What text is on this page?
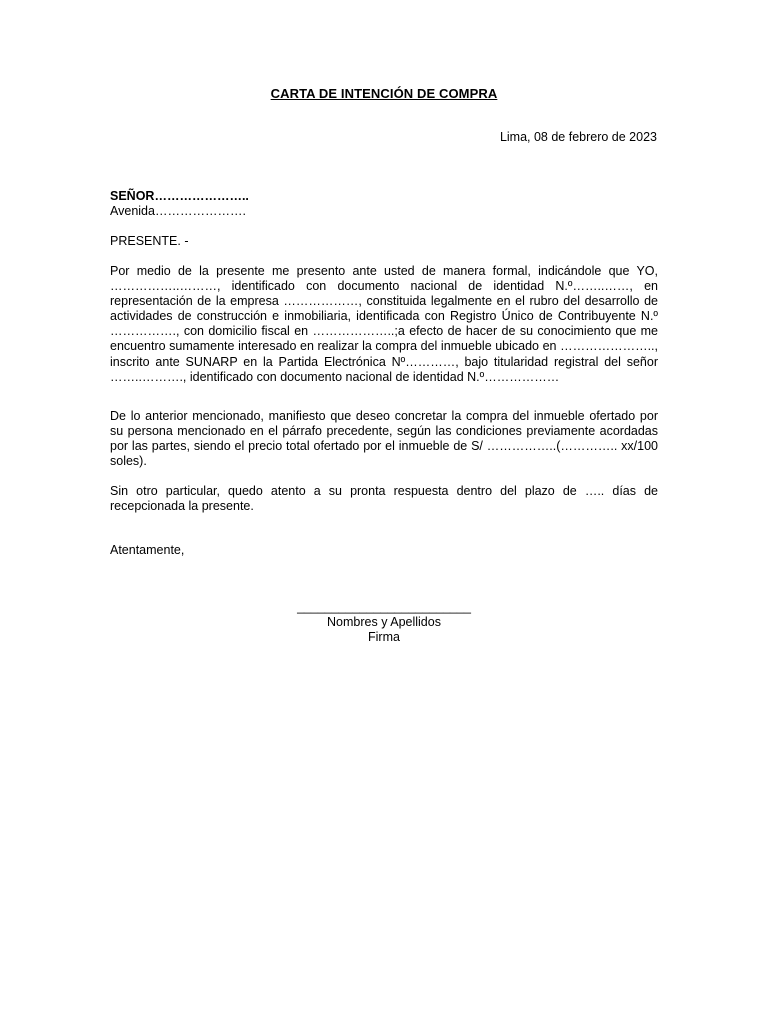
CARTA DE INTENCIÓN DE COMPRA
Lima, 08 de febrero de 2023
SEÑOR…………………..
Avenida………………….
PRESENTE. -
Por medio de la presente me presento ante usted de manera formal, indicándole que YO, ……………..………, identificado con documento nacional de identidad N.º……..……, en representación de la empresa ………………, constituida legalmente en el rubro del desarrollo de actividades de construcción e inmobiliaria, identificada con Registro Único de Contribuyente N.º ……………., con domicilio fiscal en ………………..;a efecto de hacer de su conocimiento que me encuentro sumamente interesado en realizar la compra del inmueble ubicado en ………………….., inscrito ante SUNARP en la Partida Electrónica Nº…………, bajo titularidad registral del señor ……..………., identificado con documento nacional de identidad N.º………………
De lo anterior mencionado, manifiesto que deseo concretar la compra del inmueble ofertado por su persona mencionado en el párrafo precedente, según las condiciones previamente acordadas por las partes, siendo el precio total ofertado por el inmueble de S/ ……………..(………….. xx/100 soles).
Sin otro particular, quedo atento a su pronta respuesta dentro del plazo de ….. días de recepcionada la presente.
Atentamente,
_________________________
Nombres y Apellidos
Firma
